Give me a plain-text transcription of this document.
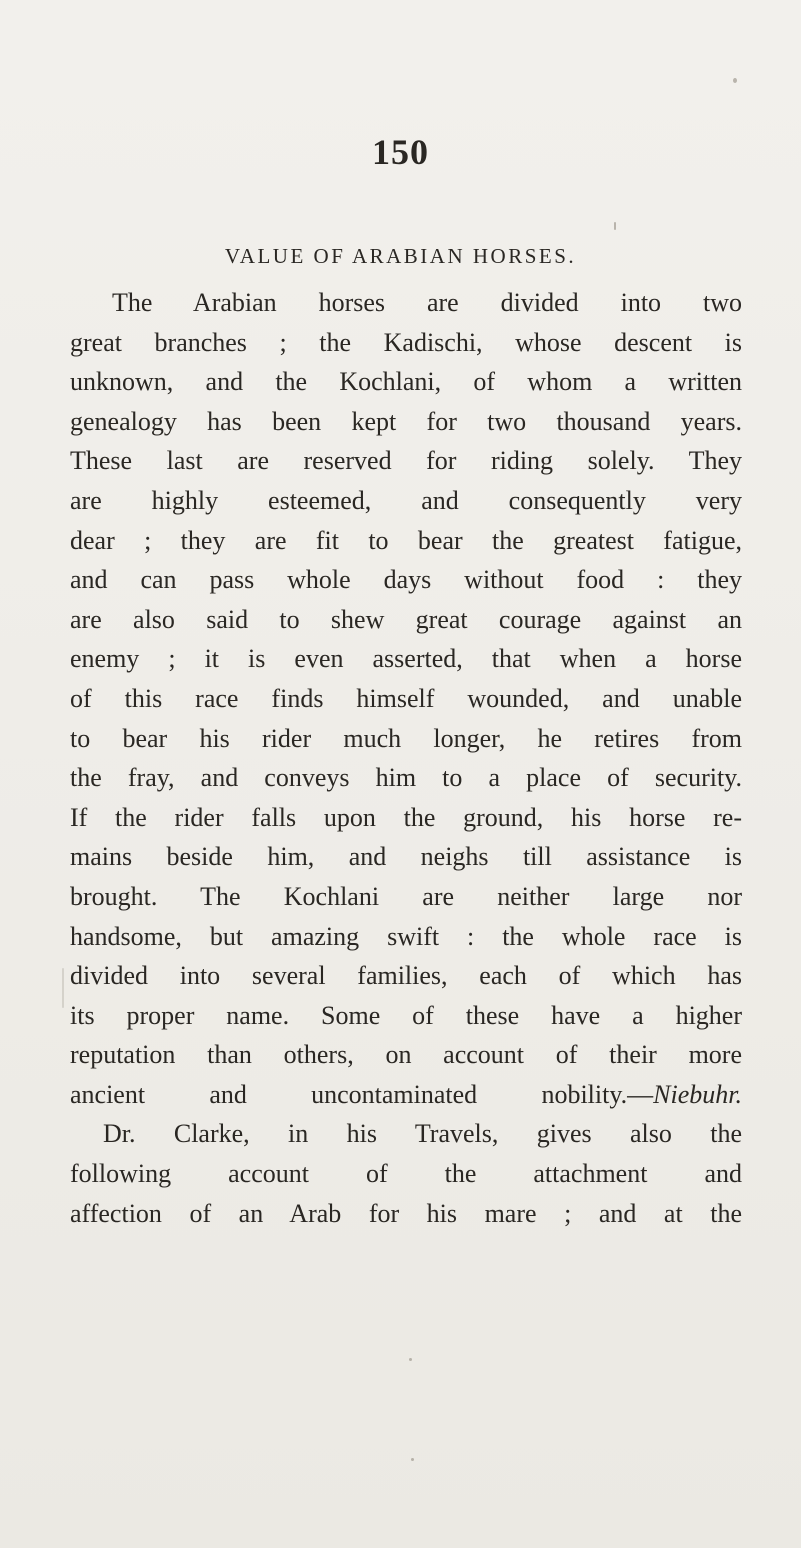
150
VALUE OF ARABIAN HORSES.
The Arabian horses are divided into two
great branches ; the Kadischi, whose descent is
unknown, and the Kochlani, of whom a written
genealogy has been kept for two thousand years.
These last are reserved for riding solely. They
are highly esteemed, and consequently very
dear ; they are fit to bear the greatest fatigue,
and can pass whole days without food : they
are also said to shew great courage against an
enemy ; it is even asserted, that when a horse
of this race finds himself wounded, and unable
to bear his rider much longer, he retires from
the fray, and conveys him to a place of security.
If the rider falls upon the ground, his horse re-
mains beside him, and neighs till assistance is
brought. The Kochlani are neither large nor
handsome, but amazing swift : the whole race is
divided into several families, each of which has
its proper name. Some of these have a higher
reputation than others, on account of their more
ancient and uncontaminated nobility.—Niebuhr.
Dr. Clarke, in his Travels, gives also the
following account of the attachment and
affection of an Arab for his mare ; and at the
